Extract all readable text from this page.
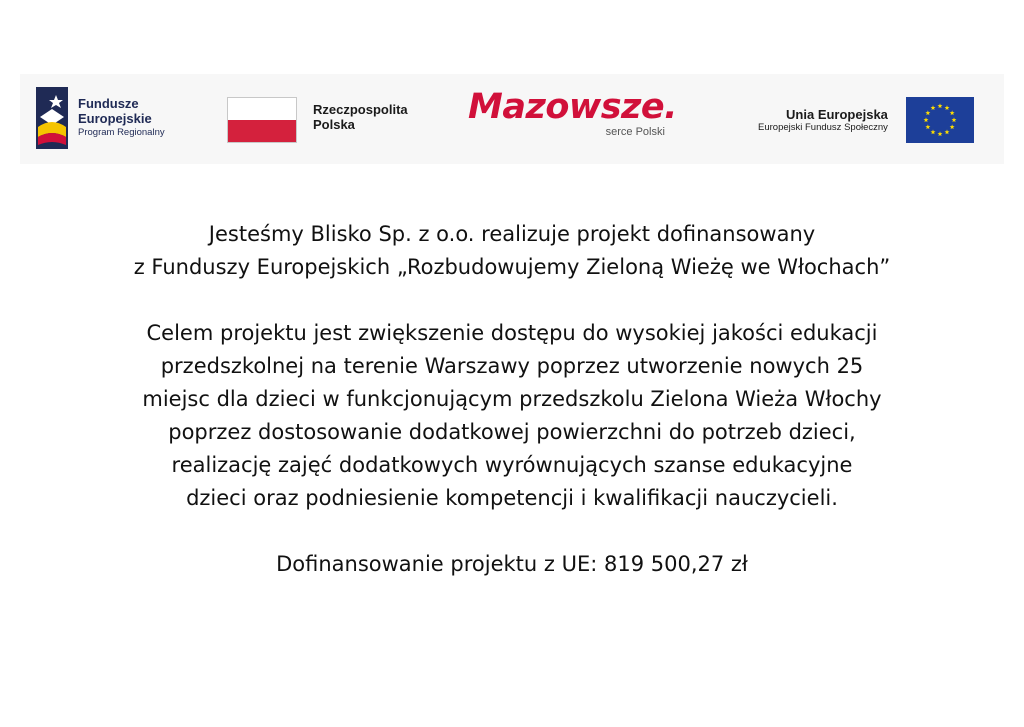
Fundusze
Europejskie
Program Regionalny
Rzeczpospolita
Polska	Mazowsze.
serce Polski
Unia Europejska
Europejski Fundusz Społeczny

Jesteśmy Blisko Sp. z o.o. realizuje projekt dofinansowany

z Funduszy Europejskich „Rozbudowujemy Zieloną Wieżę we Włochach”

Celem projektu jest zwiększenie dostępu do wysokiej jakości edukacji

przedszkolnej na terenie Warszawy poprzez utworzenie nowych 25

miejsc dla dzieci w funkcjonującym przedszkolu Zielona Wieża Włochy

poprzez dostosowanie dodatkowej powierzchni do potrzeb dzieci,

realizację zajęć dodatkowych wyrównujących szanse edukacyjne

dzieci oraz podniesienie kompetencji i kwalifikacji nauczycieli.

Dofinansowanie projektu z UE: 819 500,27 zł
